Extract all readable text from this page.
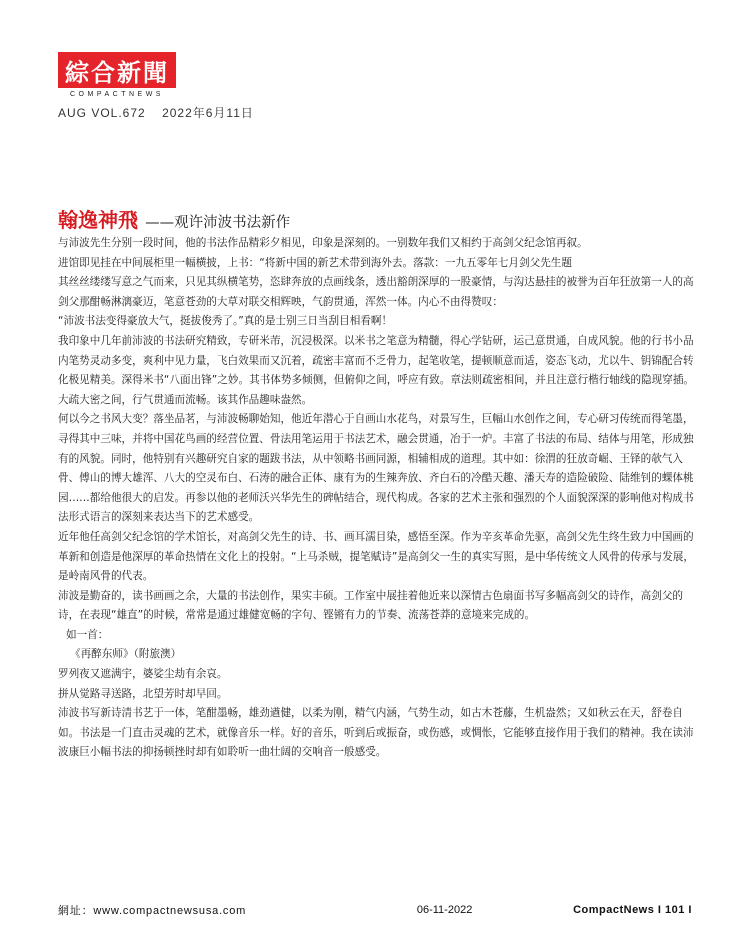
綜合新聞
COMPACTNEWS
AUG VOL.672 2022年6月11日
翰逸神飛 ——观许沛波书法新作

与沛波先生分别一段时间，他的书法作品精彩夕相见，印象是深刻的。一别数年我们又相约于高剑父纪念馆再叙。

进馆即见挂在中间展柜里一幅横披，上书：“将新中国的新艺术带到海外去。落款：一九五零年七月剑父先生题

其丝丝缕缕写意之气而来，只见其纵横笔势，恣肆奔放的点画线条，透出豁朗深厚的一股豪情，与沟达悬挂的被誉为百年狂放第一人的高剑父那酣畅淋漓豪迈，笔意苍劲的大草对联交相辉映，气韵贯通，浑然一体。内心不由得赞叹：

“沛波书法变得豪放大气，挺拔俊秀了。”真的是士别三日当刮目相看啊！

我印象中几年前沛波的书法研究精致，专研米芾，沉浸极深。以米书之笔意为精髓，得心学钻研，运己意贯通，自成风貌。他的行书小品内笔势灵动多变，爽利中见力量，飞白效果而又沉着，疏密丰富而不乏骨力，起笔收笔，提顿顺意而适，姿态飞动，尤以牛、钥锦配合转化极见精美。深得米书“八面出锋”之妙。其书体势多倾侧，但俯仰之间，呼应有致。章法则疏密相间，并且注意行楷行轴线的隐现穿插。大疏大密之间，行气贯通而流畅。该其作品趣味盎然。

何以今之书风大变？落坐品茗，与沛波畅聊始知，他近年潜心于自画山水花鸟，对景写生，巨幅山水创作之间，专心研习传统而得笔墨，寻得其中三味，并将中国花鸟画的经营位置、骨法用笔运用于书法艺术，融会贯通，冶于一炉。丰富了书法的布局、结体与用笔，形成独有的风貌。同时，他特别有兴趣研究自家的题跋书法，从中领略书画同源，相辅相成的道理。其中如：徐渭的狂放奇崛、王铎的欹气入骨、傅山的博大雄浑、八大的空灵布白、石涛的融合正体、康有为的生辣奔放、齐白石的冷酷天趣、潘天寿的造险破险、陆维钊的蜾体桃园……都给他很大的启发。再参以他的老师沃兴华先生的碑帖结合，现代构成。各家的艺术主张和强烈的个人面貌深深的影响他对构成书法形式语言的深刻来表达当下的艺术感受。

近年他任高剑父纪念馆的学术馆长，对高剑父先生的诗、书、画耳濡目染，感悟至深。作为辛亥革命先驱，高剑父先生终生致力中国画的革新和创造是他深厚的革命热情在文化上的投射。“上马杀贼，提笔赋诗”是高剑父一生的真实写照，是中华传统文人风骨的传承与发展，是岭南风骨的代表。

沛波是勤奋的，读书画画之余，大量的书法创作，果实丰硕。工作室中展挂着他近来以深情古色扇面书写多幅高剑父的诗作，高剑父的诗，在表现“雄直”的时候，常常是通过雄健宽畅的字句、铿锵有力的节奏、流荡苍莽的意境来完成的。

如一首：

《再醉东师》（附旅澳）

罗列夜又遮满宇，婆娑尘劫有余哀。

拼从觉路寻送路，北望芳时却早回。

沛波书写新诗清书艺于一体，笔酣墨畅，雄劲遒健，以柔为刚，精气内涵，气势生动，如古木苍藤，生机盎然；又如秋云在天，舒卷自如。书法是一门直击灵魂的艺术，就像音乐一样。好的音乐，听到后或振奋，或伤感，或惆怅，它能够直接作用于我们的精神。我在读沛波康巨小幅书法的抑扬顿挫时却有如聆听一曲壮阔的交响音一般感受。

網址：www.compactnewsusa.com	06-11-2022	CompactNews I 101 I
